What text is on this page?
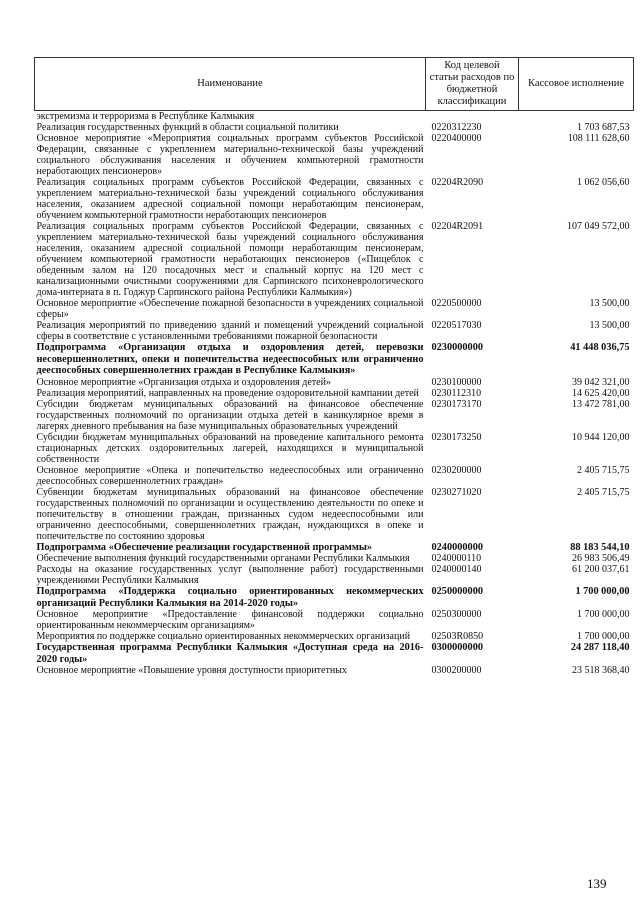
Наименование	Код целевой статьи расходов по бюджетной классификации	Кассовое исполнение
экстремизма и терроризма в Республике Калмыкия		
Реализация государственных функций в области социальной политики	0220312230	1 703 687,53
Основное мероприятие «Мероприятия социальных программ субъектов Российской Федерации, связанные с укреплением материально-технической базы учреждений социального обслуживания населения и обучением компьютерной грамотности неработающих пенсионеров»	0220400000	108 111 628,60
Реализация социальных программ субъектов Российской Федерации, связанных с укреплением материально-технической базы учреждений социального обслуживания населения, оказанием адресной социальной помощи неработающим пенсионерам, обучением компьютерной грамотности неработающих пенсионеров	02204R2090	1 062 056,60
Реализация социальных программ субъектов Российской Федерации, связанных с укреплением материально-технической базы учреждений социального обслуживания населения, оказанием адресной социальной помощи неработающим пенсионерам, обучением компьютерной грамотности неработающих пенсионеров («Пищеблок с обеденным залом на 120 посадочных мест и спальный корпус на 120 мест с канализационными очистными сооружениями для Сарпинского психоневрологического дома-интерната в п. Годжур Сарпинского района Республики Калмыкия»)	02204R2091	107 049 572,00
Основное мероприятие «Обеспечение пожарной безопасности в учреждениях социальной сферы»	0220500000	13 500,00
Реализация мероприятий по приведению зданий и помещений учреждений социальной сферы в соответствие с установленными требованиями пожарной безопасности	0220517030	13 500,00
Подпрограмма «Организация отдыха и оздоровления детей, перевозки несовершеннолетних, опеки и попечительства недееспособных или ограниченно дееспособных совершеннолетних граждан в Республике Калмыкия»	0230000000	41 448 036,75
Основное мероприятие «Организация отдыха и оздоровления детей»	0230100000	39 042 321,00
Реализация мероприятий, направленных на проведение оздоровительной кампании детей	0230112310	14 625 420,00
Субсидии бюджетам муниципальных образований на финансовое обеспечение государственных полномочий по организации отдыха детей в каникулярное время в лагерях дневного пребывания на базе муниципальных образовательных учреждений	0230173170	13 472 781,00
Субсидии бюджетам муниципальных образований на проведение капитального ремонта стационарных детских оздоровительных лагерей, находящихся в муниципальной собственности	0230173250	10 944 120,00
Основное мероприятие «Опека и попечительство недееспособных или ограниченно дееспособных совершеннолетних граждан»	0230200000	2 405 715,75
Субвенции бюджетам муниципальных образований на финансовое обеспечение государственных полномочий по организации и осуществлению деятельности по опеке и попечительству в отношении граждан, признанных судом недееспособными или ограниченно дееспособными, совершеннолетних граждан, нуждающихся в опеке и попечительстве по состоянию здоровья	0230271020	2 405 715,75
Подпрограмма «Обеспечение реализации государственной программы»	0240000000	88 183 544,10
Обеспечение выполнения функций государственными органами Республики Калмыкия	0240000110	26 983 506,49
Расходы на оказание государственных услуг (выполнение работ) государственными учреждениями Республики Калмыкия	0240000140	61 200 037,61
Подпрограмма «Поддержка социально ориентированных некоммерческих организаций Республики Калмыкия на 2014-2020 годы»	0250000000	1 700 000,00
Основное мероприятие «Предоставление финансовой поддержки социально ориентированным некоммерческим организациям»	0250300000	1 700 000,00
Мероприятия по поддержке социально ориентированных некоммерческих организаций	02503R0850	1 700 000,00
Государственная программа Республики Калмыкия «Доступная среда на 2016-2020 годы»	0300000000	24 287 118,40
Основное мероприятие «Повышение уровня доступности приоритетных	0300200000	23 518 368,40
139
